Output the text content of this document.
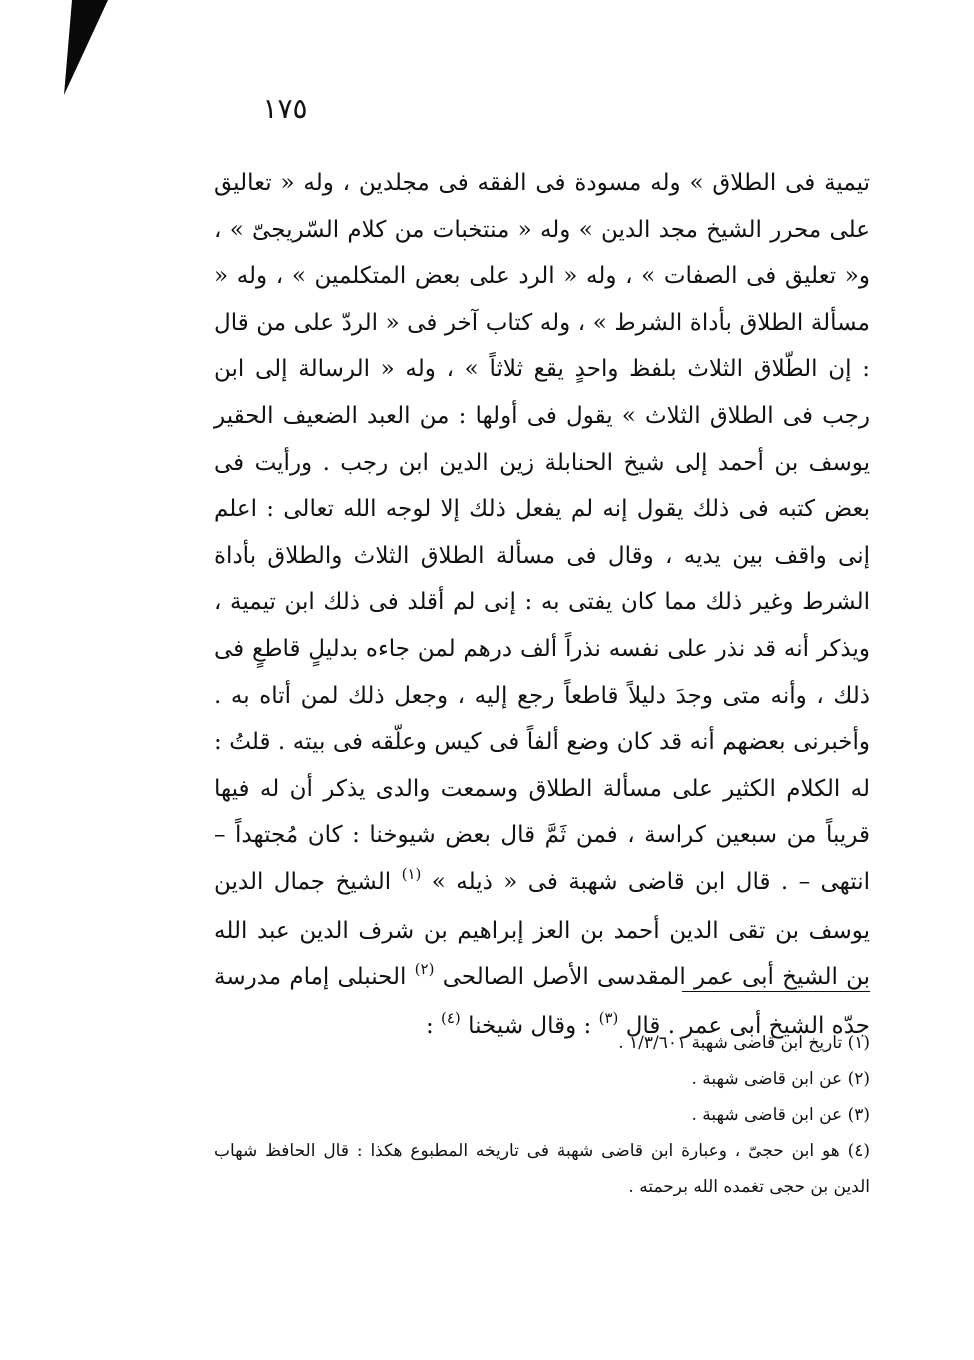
١٧٥

تيمية فى الطلاق » وله مسودة فى الفقه فى مجلدين ، وله « تعاليق على محرر الشيخ مجد الدين » وله « منتخبات من كلام السّريجىّ » ، و« تعليق فى الصفات » ، وله « الرد على بعض المتكلمين » ، وله « مسألة الطلاق بأداة الشرط » ، وله كتاب آخر فى « الردّ على من قال : إن الطّلاق الثلاث بلفظ واحدٍ يقع ثلاثاً » ، وله « الرسالة إلى ابن رجب فى الطلاق الثلاث » يقول فى أولها : من العبد الضعيف الحقير يوسف بن أحمد إلى شيخ الحنابلة زين الدين ابن رجب . ورأيت فى بعض كتبه فى ذلك يقول إنه لم يفعل ذلك إلا لوجه الله تعالى : اعلم إنى واقف بين يديه ، وقال فى مسألة الطلاق الثلاث والطلاق بأداة الشرط وغير ذلك مما كان يفتى به : إنى لم أقلد فى ذلك ابن تيمية ، ويذكر أنه قد نذر على نفسه نذراً ألف درهم لمن جاءه بدليلٍ قاطعٍ فى ذلك ، وأنه متى وجدَ دليلاً قاطعاً رجع إليه ، وجعل ذلك لمن أتاه به . وأخبرنى بعضهم أنه قد كان وضع ألفاً فى كيس وعلّقه فى بيته . قلتُ : له الكلام الكثير على مسألة الطلاق وسمعت والدى يذكر أن له فيها قريباً من سبعين كراسة ، فمن ثَمَّ قال بعض شيوخنا : كان مُجتهداً – انتهى – . قال ابن قاضى شهبة فى « ذيله » $^{(١)}$ الشيخ جمال الدين يوسف بن تقى الدين أحمد بن العز إبراهيم بن شرف الدين عبد الله بن الشيخ أبى عمر المقدسى الأصل الصالحى $^{(٢)}$ الحنبلى إمام مدرسة جدّه الشيخ أبى عمر . قال $^{(٣)}$ : وقال شيخنا $^{(٤)}$ :

(١) تاريخ ابن قاضى شهبة ١/٣/٦٠١ .
(٢) عن ابن قاضى شهبة .
(٣) عن ابن قاضى شهبة .
(٤) هو ابن حجىّ ، وعبارة ابن قاضى شهبة فى تاريخه المطبوع هكذا : قال الحافظ شهاب الدين بن حجى تغمده الله برحمته .
